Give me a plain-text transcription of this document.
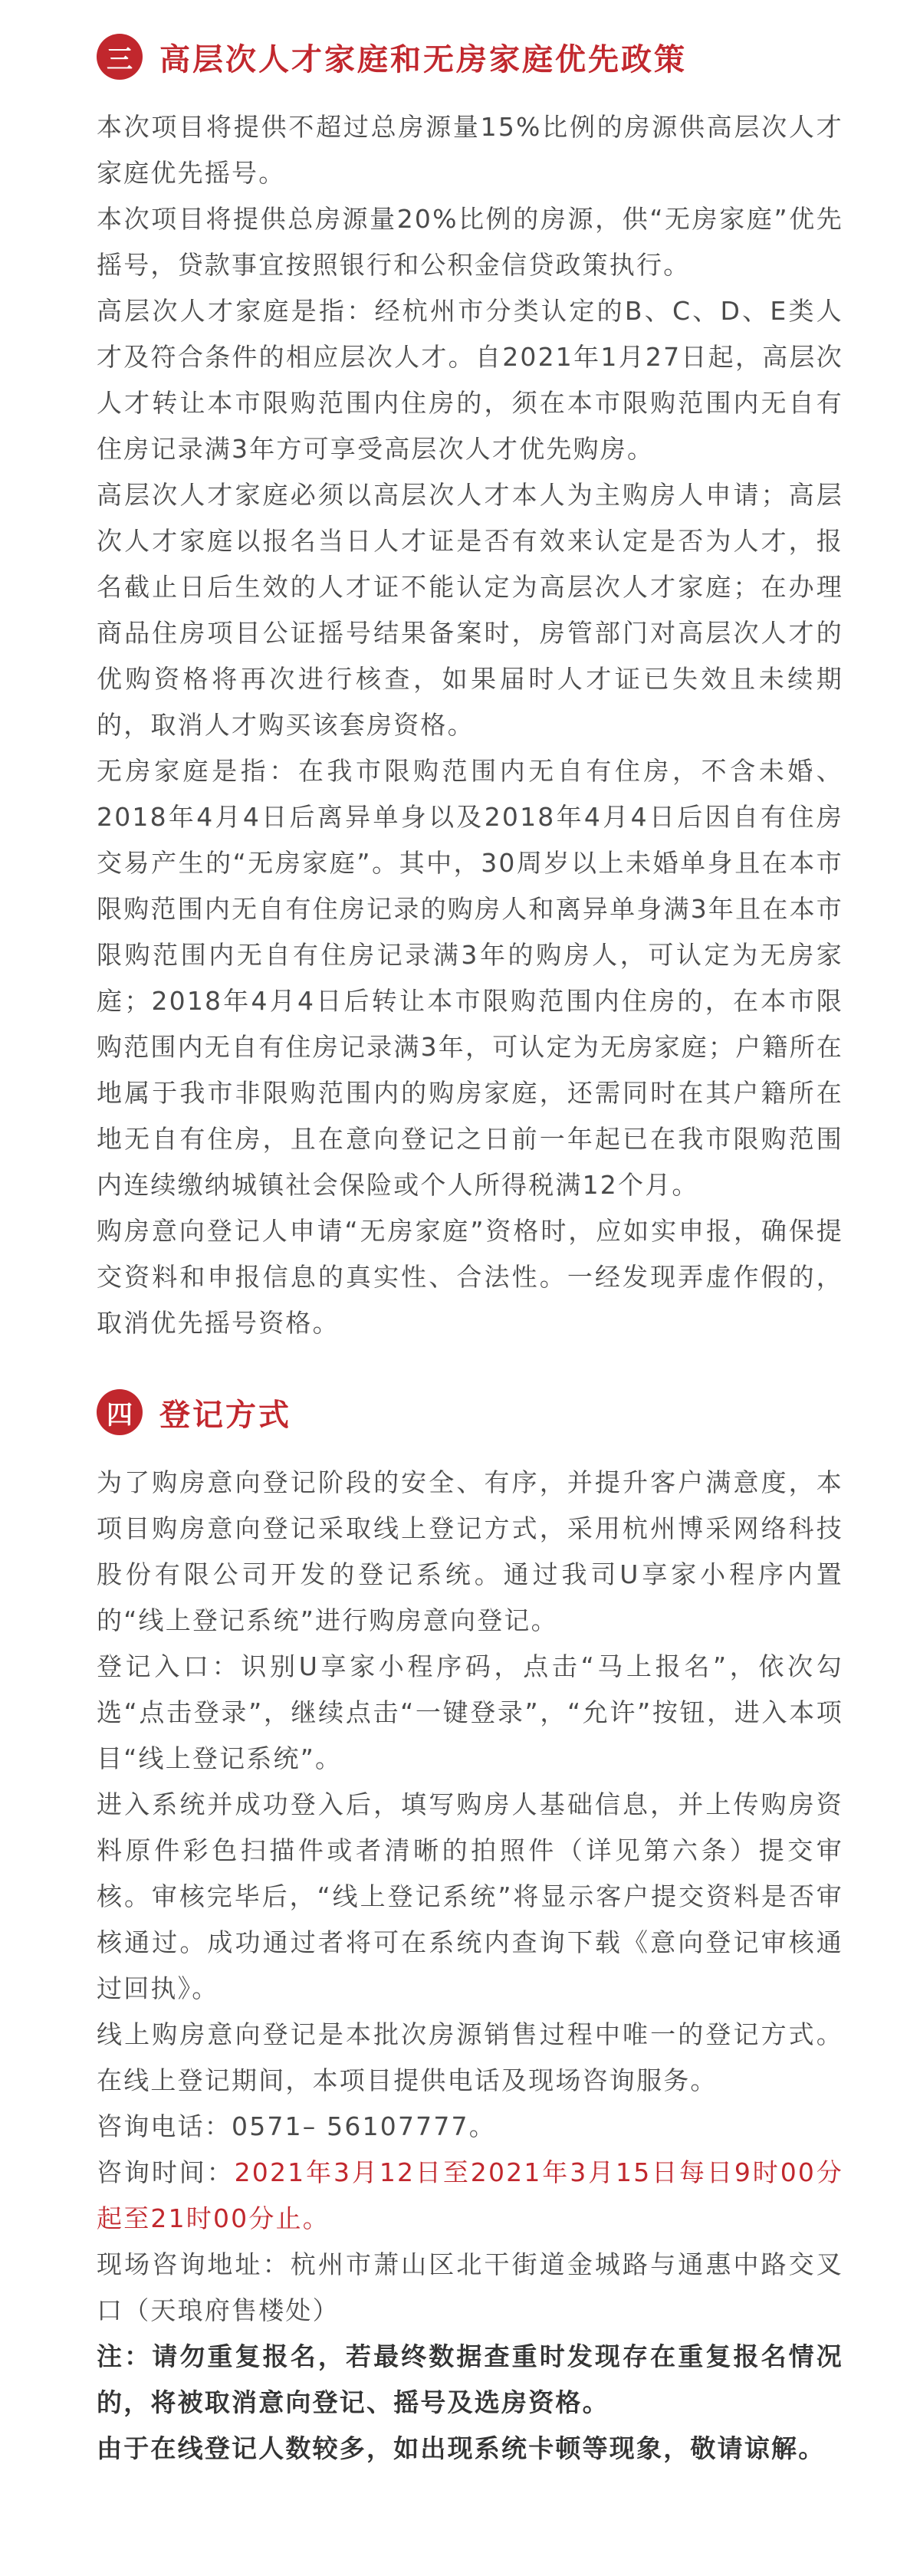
三 高层次人才家庭和无房家庭优先政策

本次项目将提供不超过总房源量15%比例的房源供高层次人才家庭优先摇号。

本次项目将提供总房源量20%比例的房源，供“无房家庭”优先摇号，贷款事宜按照银行和公积金信贷政策执行。

高层次人才家庭是指：经杭州市分类认定的B、C、D、E类人才及符合条件的相应层次人才。自2021年1月27日起，高层次人才转让本市限购范围内住房的，须在本市限购范围内无自有住房记录满3年方可享受高层次人才优先购房。

高层次人才家庭必须以高层次人才本人为主购房人申请；高层次人才家庭以报名当日人才证是否有效来认定是否为人才，报名截止日后生效的人才证不能认定为高层次人才家庭；在办理商品住房项目公证摇号结果备案时，房管部门对高层次人才的优购资格将再次进行核查，如果届时人才证已失效且未续期的，取消人才购买该套房资格。

无房家庭是指：在我市限购范围内无自有住房，不含未婚、2018年4月4日后离异单身以及2018年4月4日后因自有住房交易产生的“无房家庭”。其中，30周岁以上未婚单身且在本市限购范围内无自有住房记录的购房人和离异单身满3年且在本市限购范围内无自有住房记录满3年的购房人，可认定为无房家庭；2018年4月4日后转让本市限购范围内住房的，在本市限购范围内无自有住房记录满3年，可认定为无房家庭；户籍所在地属于我市非限购范围内的购房家庭，还需同时在其户籍所在地无自有住房，且在意向登记之日前一年起已在我市限购范围内连续缴纳城镇社会保险或个人所得税满12个月。

购房意向登记人申请“无房家庭”资格时，应如实申报，确保提交资料和申报信息的真实性、合法性。一经发现弄虚作假的，取消优先摇号资格。

四 登记方式

为了购房意向登记阶段的安全、有序，并提升客户满意度，本项目购房意向登记采取线上登记方式，采用杭州博采网络科技股份有限公司开发的登记系统。通过我司U享家小程序内置的“线上登记系统”进行购房意向登记。

登记入口：识别U享家小程序码，点击“马上报名”，依次勾选“点击登录”，继续点击“一键登录”，“允许”按钮，进入本项目“线上登记系统”。

进入系统并成功登入后，填写购房人基础信息，并上传购房资料原件彩色扫描件或者清晰的拍照件（详见第六条）提交审核。审核完毕后，“线上登记系统”将显示客户提交资料是否审核通过。成功通过者将可在系统内查询下载《意向登记审核通过回执》。

线上购房意向登记是本批次房源销售过程中唯一的登记方式。在线上登记期间，本项目提供电话及现场咨询服务。

咨询电话：0571– 56107777。

咨询时间：2021年3月12日至2021年3月15日每日9时00分起至21时00分止。

现场咨询地址：杭州市萧山区北干街道金城路与通惠中路交叉口（天琅府售楼处）

注：请勿重复报名，若最终数据查重时发现存在重复报名情况的，将被取消意向登记、摇号及选房资格。

由于在线登记人数较多，如出现系统卡顿等现象，敬请谅解。
